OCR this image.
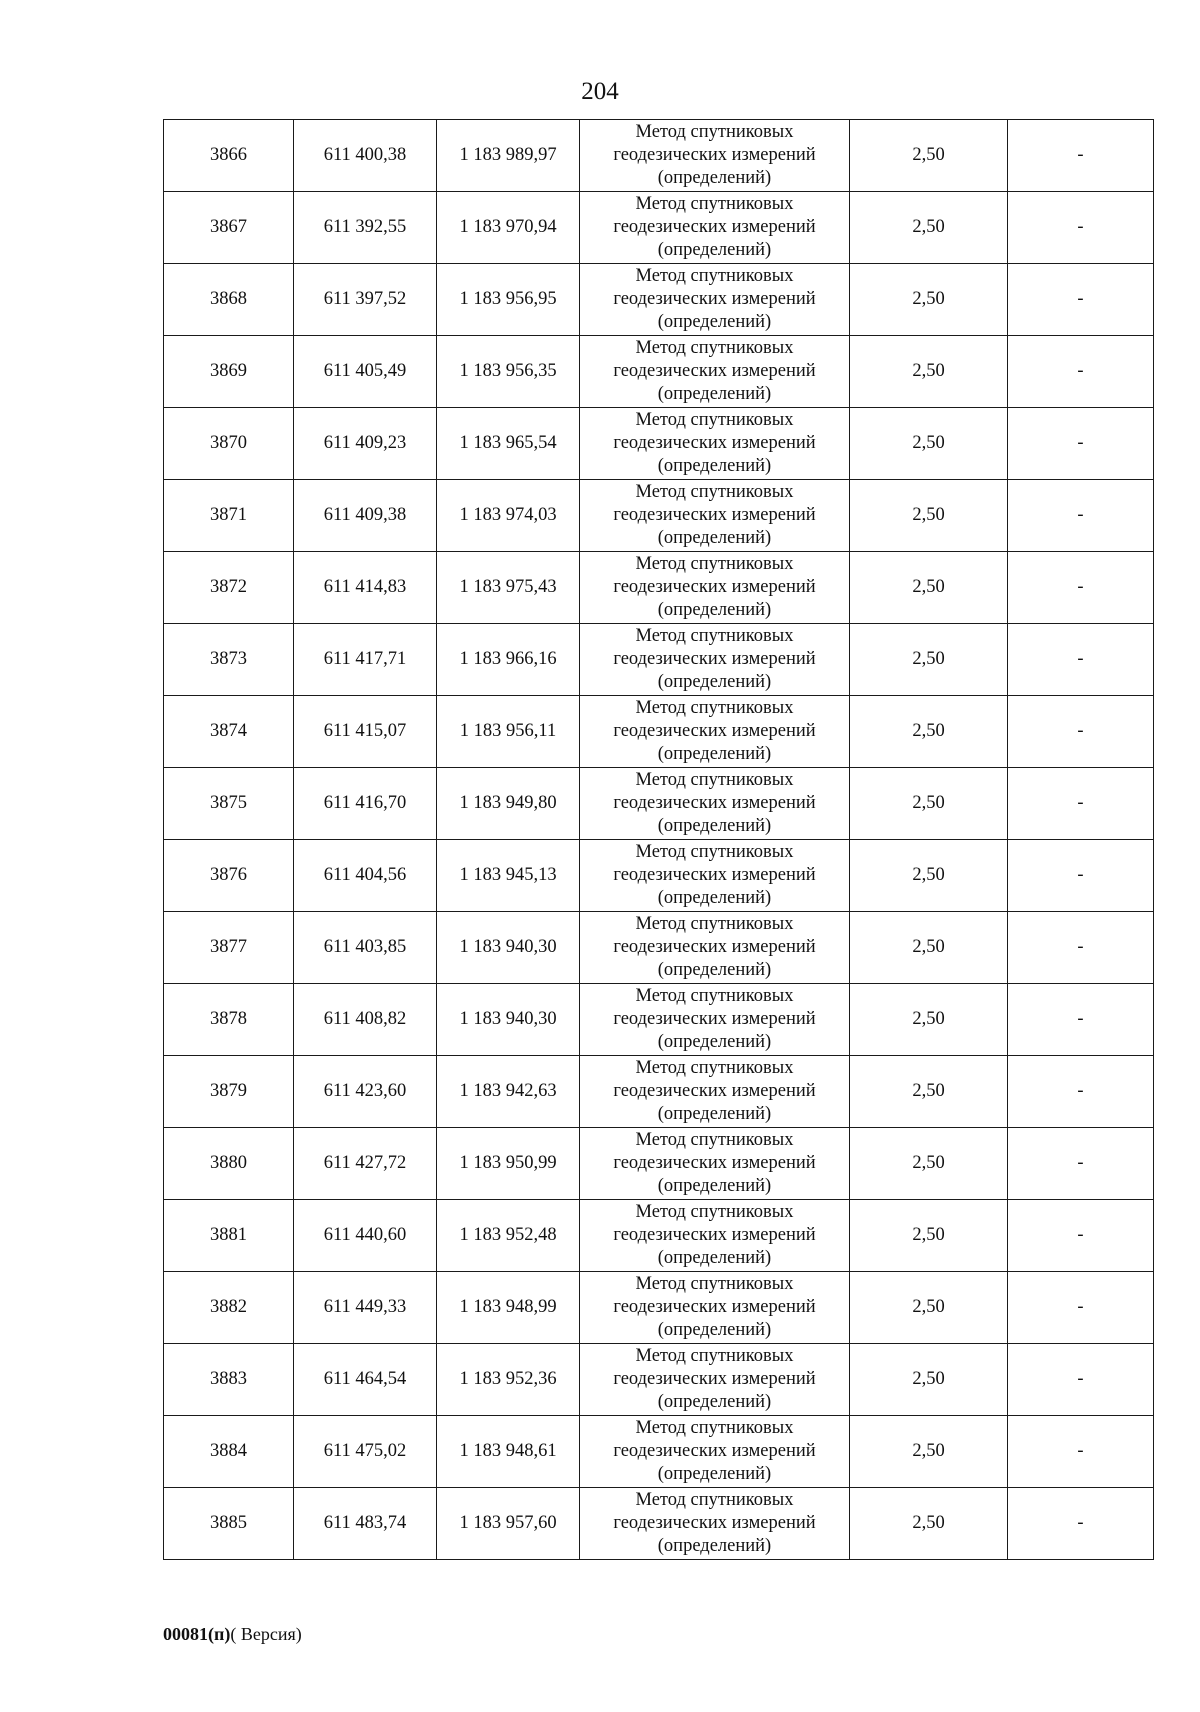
204
3866	611 400,38	1 183 989,97	Метод спутниковых
геодезических измерений
(определений)	2,50	-
3867	611 392,55	1 183 970,94	Метод спутниковых
геодезических измерений
(определений)	2,50	-
3868	611 397,52	1 183 956,95	Метод спутниковых
геодезических измерений
(определений)	2,50	-
3869	611 405,49	1 183 956,35	Метод спутниковых
геодезических измерений
(определений)	2,50	-
3870	611 409,23	1 183 965,54	Метод спутниковых
геодезических измерений
(определений)	2,50	-
3871	611 409,38	1 183 974,03	Метод спутниковых
геодезических измерений
(определений)	2,50	-
3872	611 414,83	1 183 975,43	Метод спутниковых
геодезических измерений
(определений)	2,50	-
3873	611 417,71	1 183 966,16	Метод спутниковых
геодезических измерений
(определений)	2,50	-
3874	611 415,07	1 183 956,11	Метод спутниковых
геодезических измерений
(определений)	2,50	-
3875	611 416,70	1 183 949,80	Метод спутниковых
геодезических измерений
(определений)	2,50	-
3876	611 404,56	1 183 945,13	Метод спутниковых
геодезических измерений
(определений)	2,50	-
3877	611 403,85	1 183 940,30	Метод спутниковых
геодезических измерений
(определений)	2,50	-
3878	611 408,82	1 183 940,30	Метод спутниковых
геодезических измерений
(определений)	2,50	-
3879	611 423,60	1 183 942,63	Метод спутниковых
геодезических измерений
(определений)	2,50	-
3880	611 427,72	1 183 950,99	Метод спутниковых
геодезических измерений
(определений)	2,50	-
3881	611 440,60	1 183 952,48	Метод спутниковых
геодезических измерений
(определений)	2,50	-
3882	611 449,33	1 183 948,99	Метод спутниковых
геодезических измерений
(определений)	2,50	-
3883	611 464,54	1 183 952,36	Метод спутниковых
геодезических измерений
(определений)	2,50	-
3884	611 475,02	1 183 948,61	Метод спутниковых
геодезических измерений
(определений)	2,50	-
3885	611 483,74	1 183 957,60	Метод спутниковых
геодезических измерений
(определений)	2,50	-
00081(п)( Версия)
